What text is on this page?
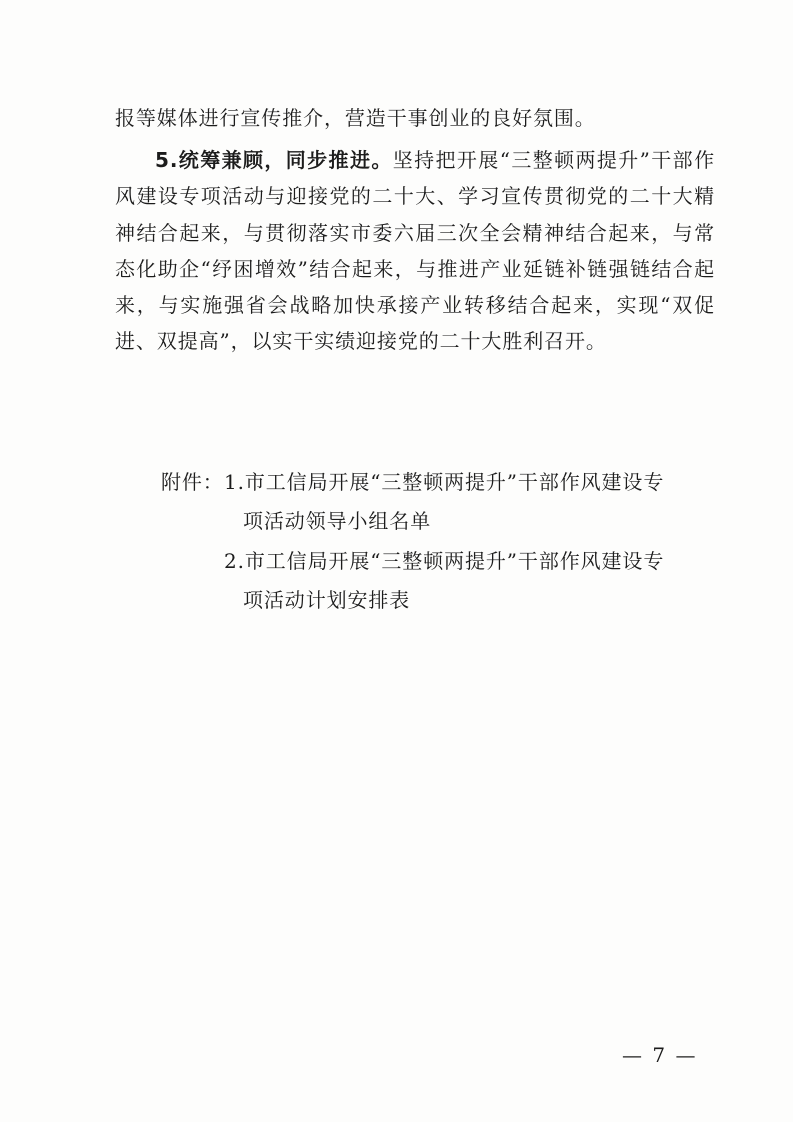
报等媒体进行宣传推介，营造干事创业的良好氛围。

5.统筹兼顾，同步推进。坚持把开展“三整顿两提升”干部作风建设专项活动与迎接党的二十大、学习宣传贯彻党的二十大精神结合起来，与贯彻落实市委六届三次全会精神结合起来，与常态化助企“纾困增效”结合起来，与推进产业延链补链强链结合起来，与实施强省会战略加快承接产业转移结合起来，实现“双促进、双提高”，以实干实绩迎接党的二十大胜利召开。

附件： 1.市工信局开展“三整顿两提升”干部作风建设专
项活动领导小组名单
2.市工信局开展“三整顿两提升”干部作风建设专
项活动计划安排表
— 7 —
